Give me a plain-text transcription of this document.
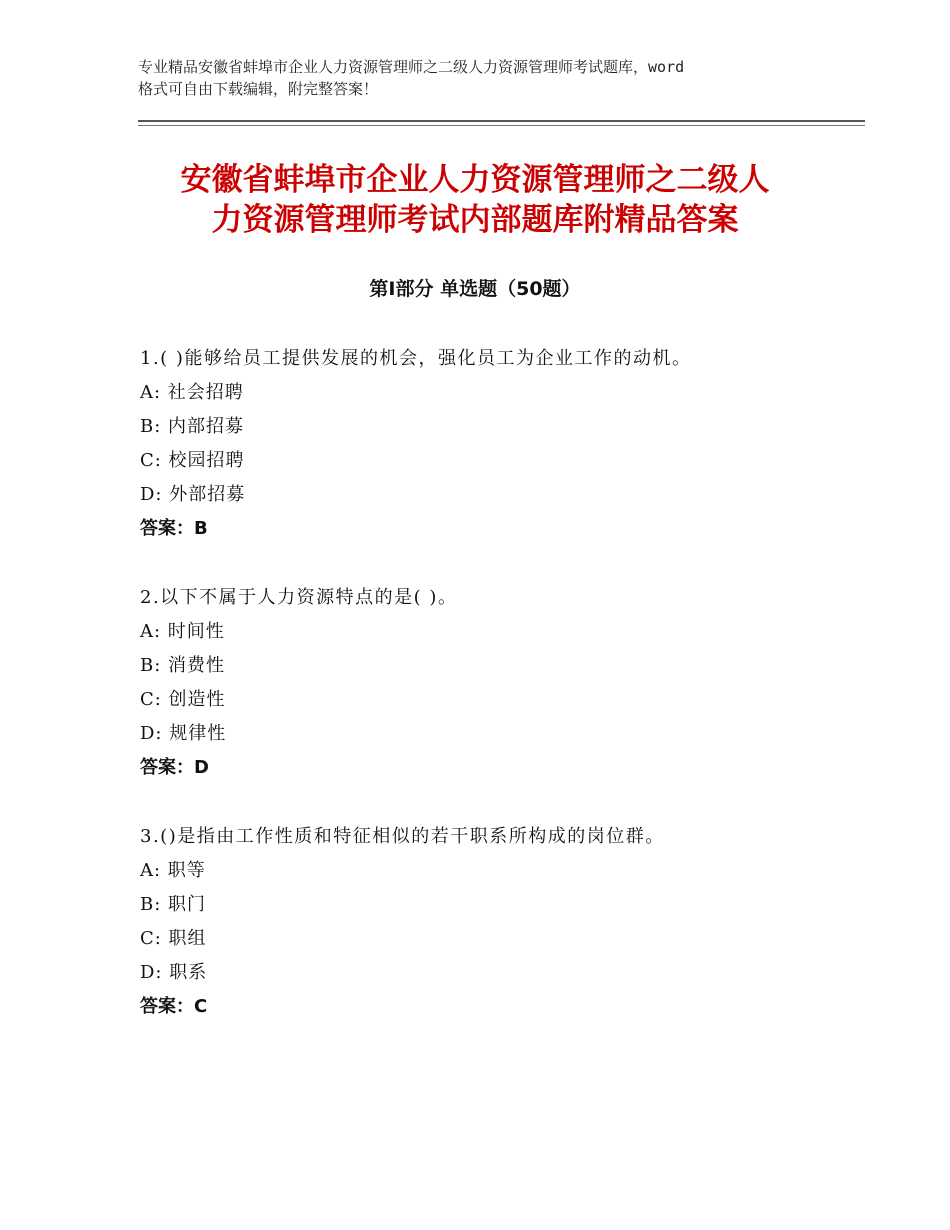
专业精品安徽省蚌埠市企业人力资源管理师之二级人力资源管理师考试题库，word
格式可自由下载编辑，附完整答案！
安徽省蚌埠市企业人力资源管理师之二级人
力资源管理师考试内部题库附精品答案
第Ⅰ部分 单选题（50题）
1.( )能够给员工提供发展的机会，强化员工为企业工作的动机。
A: 社会招聘
B: 内部招募
C: 校园招聘
D: 外部招募
答案：B
2.以下不属于人力资源特点的是( )。
A: 时间性
B: 消费性
C: 创造性
D: 规律性
答案：D
3.()是指由工作性质和特征相似的若干职系所构成的岗位群。
A: 职等
B: 职门
C: 职组
D: 职系
答案：C
